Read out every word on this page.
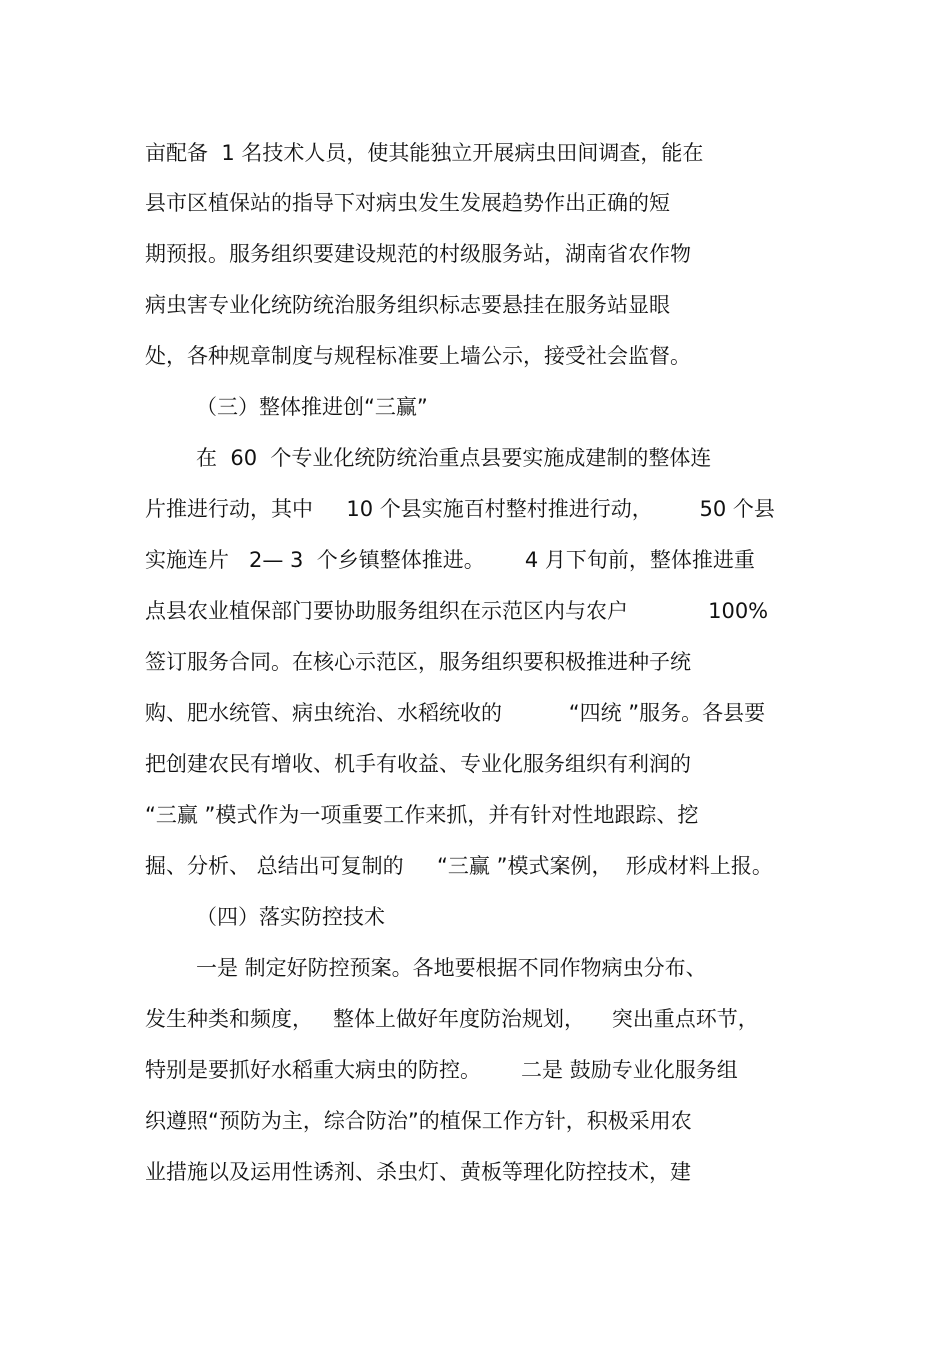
亩配备  1 名技术人员，使其能独立开展病虫田间调查，能在
县市区植保站的指导下对病虫发生发展趋势作出正确的短
期预报。服务组织要建设规范的村级服务站，湖南省农作物
病虫害专业化统防统治服务组织标志要悬挂在服务站显眼
处，各种规章制度与规程标准要上墙公示，接受社会监督。
（三）整体推进创“三赢”
在  60  个专业化统防统治重点县要实施成建制的整体连
片推进行动，其中     10 个县实施百村整村推进行动，       50 个县
实施连片   2— 3  个乡镇整体推进。      4 月下旬前，整体推进重
点县农业植保部门要协助服务组织在示范区内与农户            100%
签订服务合同。在核心示范区，服务组织要积极推进种子统
购、肥水统管、病虫统治、水稻统收的          “四统 ”服务。各县要
把创建农民有增收、机手有收益、专业化服务组织有利润的
“三赢 ”模式作为一项重要工作来抓，并有针对性地跟踪、挖
掘、分析、 总结出可复制的     “三赢 ”模式案例，  形成材料上报。
（四）落实防控技术
一是 制定好防控预案。各地要根据不同作物病虫分布、
发生种类和频度，   整体上做好年度防治规划，    突出重点环节，
特别是要抓好水稻重大病虫的防控。      二是 鼓励专业化服务组
织遵照“预防为主，综合防治”的植保工作方针，积极采用农
业措施以及运用性诱剂、杀虫灯、黄板等理化防控技术，建
